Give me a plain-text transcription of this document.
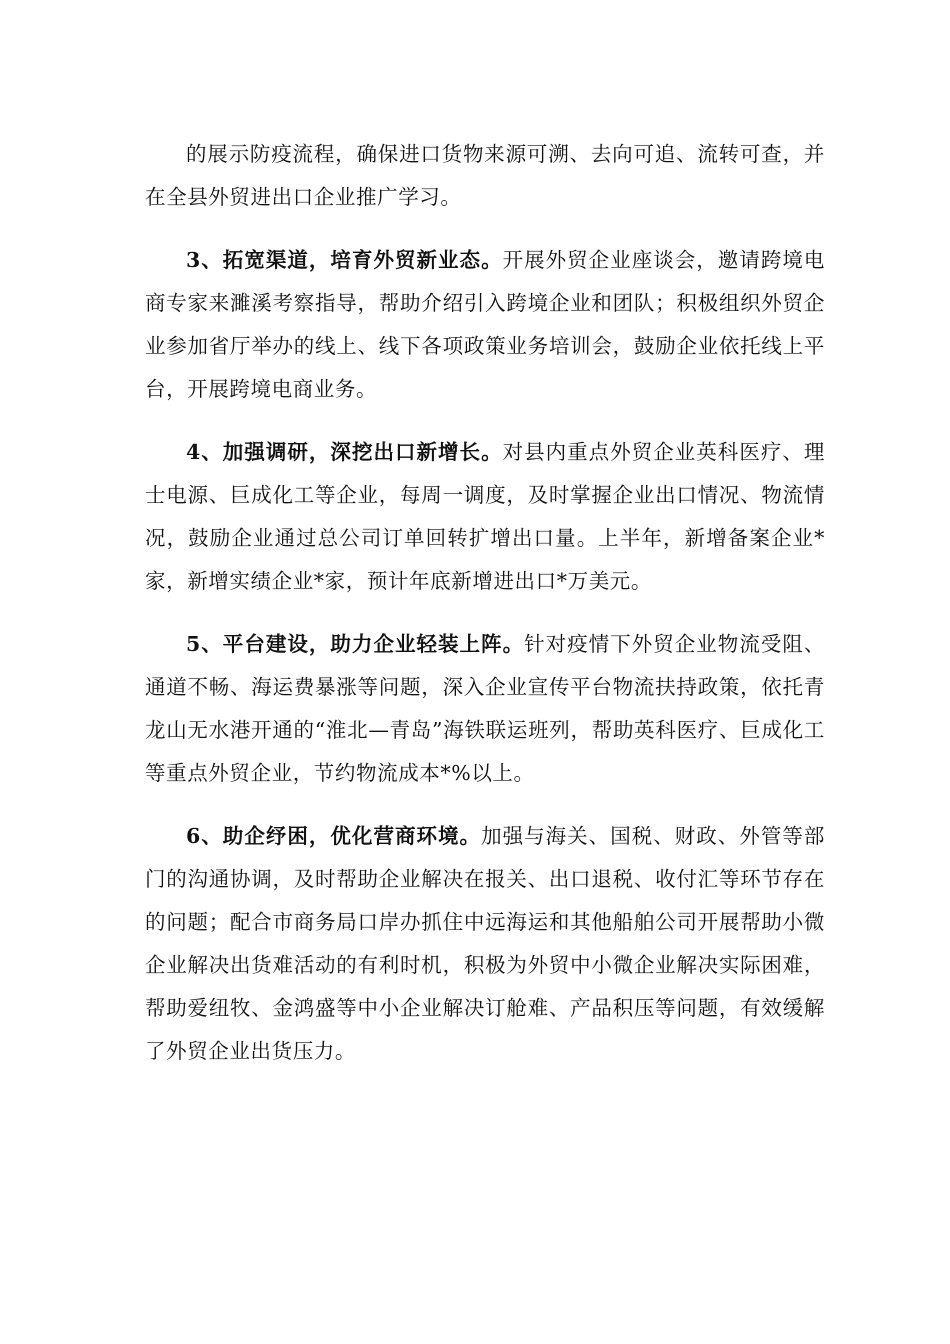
的展示防疫流程，确保进口货物来源可溯、去向可追、流转可查，并在全县外贸进出口企业推广学习。

3、拓宽渠道，培育外贸新业态。开展外贸企业座谈会，邀请跨境电商专家来濉溪考察指导，帮助介绍引入跨境企业和团队；积极组织外贸企业参加省厅举办的线上、线下各项政策业务培训会，鼓励企业依托线上平台，开展跨境电商业务。

4、加强调研，深挖出口新增长。对县内重点外贸企业英科医疗、理士电源、巨成化工等企业，每周一调度，及时掌握企业出口情况、物流情况，鼓励企业通过总公司订单回转扩增出口量。上半年，新增备案企业*家，新增实绩企业*家，预计年底新增进出口*万美元。

5、平台建设，助力企业轻装上阵。针对疫情下外贸企业物流受阻、通道不畅、海运费暴涨等问题，深入企业宣传平台物流扶持政策，依托青龙山无水港开通的“淮北—青岛”海铁联运班列，帮助英科医疗、巨成化工等重点外贸企业，节约物流成本*%以上。

6、助企纾困，优化营商环境。加强与海关、国税、财政、外管等部门的沟通协调，及时帮助企业解决在报关、出口退税、收付汇等环节存在的问题；配合市商务局口岸办抓住中远海运和其他船舶公司开展帮助小微企业解决出货难活动的有利时机，积极为外贸中小微企业解决实际困难，帮助爱纽牧、金鸿盛等中小企业解决订舱难、产品积压等问题，有效缓解了外贸企业出货压力。
